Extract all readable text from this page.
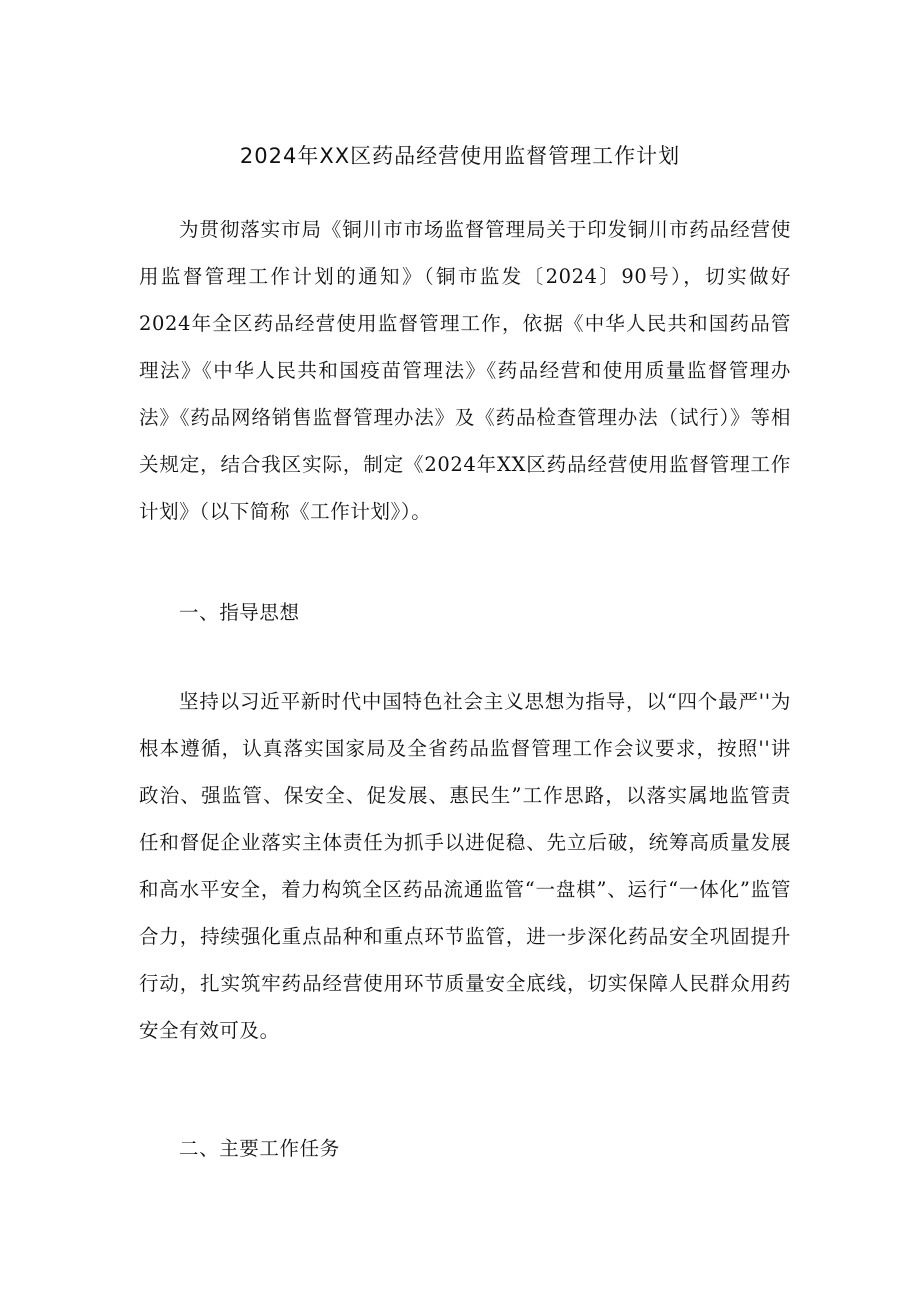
2024年XX区药品经营使用监督管理工作计划

为贯彻落实市局《铜川市市场监督管理局关于印发铜川市药品经营使用监督管理工作计划的通知》（铜市监发〔2024〕90号），切实做好2024年全区药品经营使用监督管理工作，依据《中华人民共和国药品管理法》《中华人民共和国疫苗管理法》《药品经营和使用质量监督管理办法》《药品网络销售监督管理办法》及《药品检查管理办法（试行）》等相关规定，结合我区实际，制定《2024年XX区药品经营使用监督管理工作计划》（以下简称《工作计划》）。

一、指导思想

坚持以习近平新时代中国特色社会主义思想为指导，以“四个最严''为根本遵循，认真落实国家局及全省药品监督管理工作会议要求，按照''讲政治、强监管、保安全、促发展、惠民生”工作思路，以落实属地监管责任和督促企业落实主体责任为抓手以进促稳、先立后破，统筹高质量发展和高水平安全，着力构筑全区药品流通监管“一盘棋”、运行“一体化”监管合力，持续强化重点品种和重点环节监管，进一步深化药品安全巩固提升行动，扎实筑牢药品经营使用环节质量安全底线，切实保障人民群众用药安全有效可及。

二、主要工作任务
